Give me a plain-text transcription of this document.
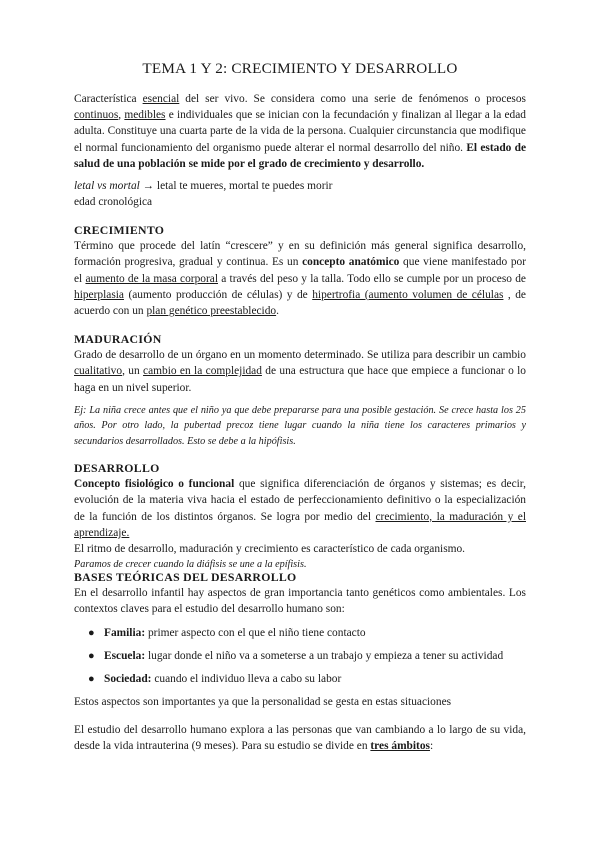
TEMA 1 Y 2: CRECIMIENTO Y DESARROLLO
Característica esencial del ser vivo. Se considera como una serie de fenómenos o procesos continuos, medibles e individuales que se inician con la fecundación y finalizan al llegar a la edad adulta. Constituye una cuarta parte de la vida de la persona. Cualquier circunstancia que modifique el normal funcionamiento del organismo puede alterar el normal desarrollo del niño. El estado de salud de una población se mide por el grado de crecimiento y desarrollo.

letal vs mortal → letal te mueres, mortal te puedes morir

edad cronológica

CRECIMIENTO

Término que procede del latín “crescere” y en su definición más general significa desarrollo, formación progresiva, gradual y continua. Es un concepto anatómico que viene manifestado por el aumento de la masa corporal a través del peso y la talla. Todo ello se cumple por un proceso de hiperplasia (aumento producción de células) y de hipertrofia (aumento volumen de células , de acuerdo con un plan genético preestablecido.

MADURACIÓN

Grado de desarrollo de un órgano en un momento determinado. Se utiliza para describir un cambio cualitativo, un cambio en la complejidad de una estructura que hace que empiece a funcionar o lo haga en un nivel superior.

Ej: La niña crece antes que el niño ya que debe prepararse para una posible gestación. Se crece hasta los 25 años. Por otro lado, la pubertad precoz tiene lugar cuando la niña tiene los caracteres primarios y secundarios desarrollados. Esto se debe a la hipófisis.

DESARROLLO

Concepto fisiológico o funcional que significa diferenciación de órganos y sistemas; es decir, evolución de la materia viva hacia el estado de perfeccionamiento definitivo o la especialización de la función de los distintos órganos. Se logra por medio del crecimiento, la maduración y el aprendizaje.

El ritmo de desarrollo, maduración y crecimiento es característico de cada organismo.

Paramos de crecer cuando la diáfisis se une a la epífisis.

BASES TEÓRICAS DEL DESARROLLO

En el desarrollo infantil hay aspectos de gran importancia tanto genéticos como ambientales. Los contextos claves para el estudio del desarrollo humano son:

● Familia: primer aspecto con el que el niño tiene contacto
● Escuela: lugar donde el niño va a someterse a un trabajo y empieza a tener su actividad
● Sociedad: cuando el individuo lleva a cabo su labor

Estos aspectos son importantes ya que la personalidad se gesta en estas situaciones

El estudio del desarrollo humano explora a las personas que van cambiando a lo largo de su vida, desde la vida intrauterina (9 meses). Para su estudio se divide en tres ámbitos:
